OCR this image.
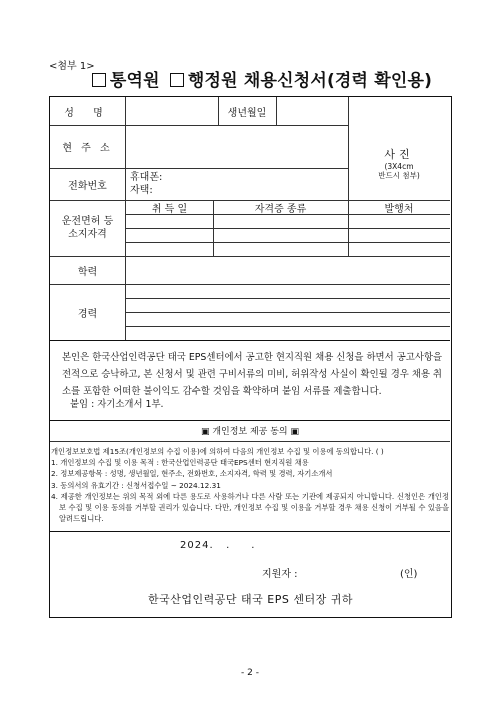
<첨부 1>
통역원 행정원 채용신청서(경력 확인용)
성 명	생년월일
현 주 소
전화번호
휴대폰:
자택:
사진
(3X4cm
반드시 첨부)
운전면허 등
소지자격
취 득 일	자격증 종류	발행처
학력
경력
▣ 개인정보 제공 동의 ▣
본인은 한국산업인력공단 태국 EPS센터에서 공고한 현지직원 채용 신청을 하면서 공고사항을 전적으로 승낙하고, 본 신청서 및 관련 구비서류의 미비, 허위작성 사실이 확인될 경우 채용 취소를 포함한 어떠한 불이익도 감수할 것임을 확약하며 붙임 서류를 제출합니다.
붙임 : 자기소개서 1부.
개인정보보호법 제15조(개인정보의 수집 이용)에 의하여 다음의 개인정보 수집 및 이용에 동의합니다. ( )
1. 개인정보의 수집 및 이용 목적 : 한국산업인력공단 태국EPS센터 현지직원 채용
2. 정보제공항목 : 성명, 생년월일, 현주소, 전화번호, 소지자격, 학력 및 경력, 자기소개서
3. 동의서의 유효기간 : 신청서접수일 ~ 2024.12.31
4. 제공한 개인정보는 위의 목적 외에 다른 용도로 사용하거나 다른 사람 또는 기관에 제공되지 아니합니다. 신청인은 개인정보 수집 및 이용 동의를 거부할 권리가 있습니다. 다만, 개인정보 수집 및 이용을 거부할 경우 채용 신청이 거부될 수 있음을 알려드립니다.
2024.   .     .
지원자 :	(인)
한국산업인력공단 태국 EPS 센터장 귀하
- 2 -
